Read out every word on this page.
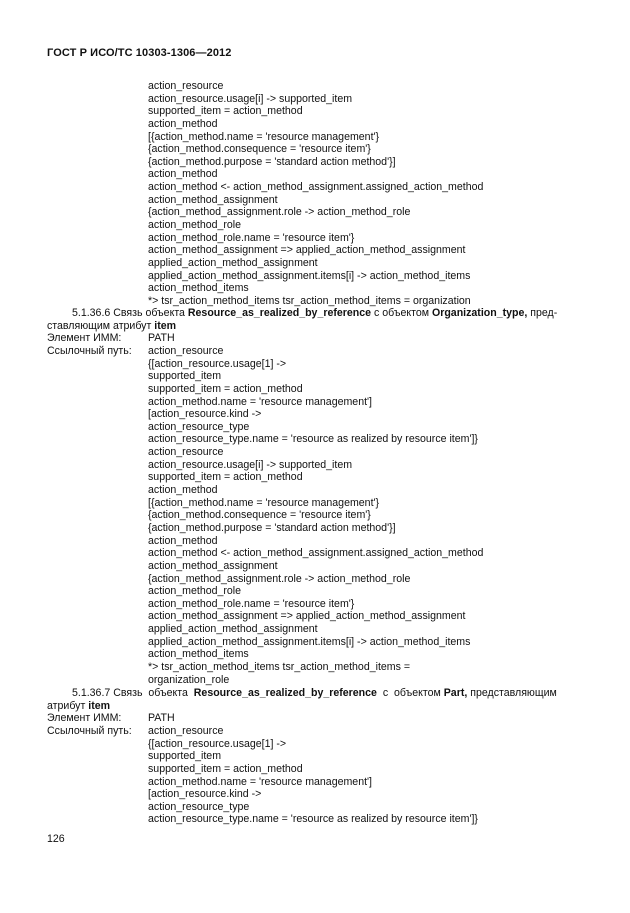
ГОСТ Р ИСО/ТС 10303-1306—2012
action_resource
action_resource.usage[i] -> supported_item
supported_item = action_method
action_method
[{action_method.name = 'resource management'}
{action_method.consequence = 'resource item'}
{action_method.purpose = 'standard action method'}]
action_method
action_method <- action_method_assignment.assigned_action_method
action_method_assignment
{action_method_assignment.role -> action_method_role
action_method_role
action_method_role.name = 'resource item'}
action_method_assignment => applied_action_method_assignment
applied_action_method_assignment
applied_action_method_assignment.items[i] -> action_method_items
action_method_items
*> tsr_action_method_items tsr_action_method_items = organization
5.1.36.6 Связь объекта Resource_as_realized_by_reference с объектом Organization_type, пред-
ставляющим атрибут item
Элемент ИММ:	PATH
Ссылочный путь: action_resource
{[action_resource.usage[1] ->
supported_item
supported_item = action_method
action_method.name = 'resource management']
[action_resource.kind ->
action_resource_type
action_resource_type.name = 'resource as realized by resource item']}
action_resource
action_resource.usage[i] -> supported_item
supported_item = action_method
action_method
[{action_method.name = 'resource management'}
{action_method.consequence = 'resource item'}
{action_method.purpose = 'standard action method'}]
action_method
action_method <- action_method_assignment.assigned_action_method
action_method_assignment
{action_method_assignment.role -> action_method_role
action_method_role
action_method_role.name = 'resource item'}
action_method_assignment => applied_action_method_assignment
applied_action_method_assignment
applied_action_method_assignment.items[i] -> action_method_items
action_method_items
*> tsr_action_method_items tsr_action_method_items =
organization_role
5.1.36.7 Связь  объекта  Resource_as_realized_by_reference  с  объектом Part, представляющим
атрибут item
Элемент ИММ:	PATH
Ссылочный путь: action_resource
{[action_resource.usage[1] ->
supported_item
supported_item = action_method
action_method.name = 'resource management']
[action_resource.kind ->
action_resource_type
action_resource_type.name = 'resource as realized by resource item']}
126
